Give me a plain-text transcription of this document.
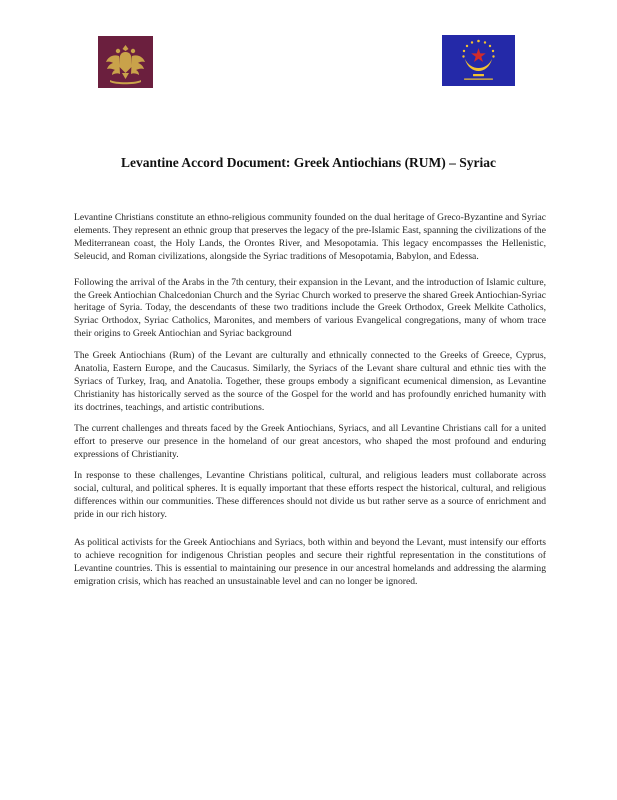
Levantine Accord Document: Greek Antiochians (RUM) – Syriac

Levantine Christians constitute an ethno-religious community founded on the dual heritage of Greco-Byzantine and Syriac elements. They represent an ethnic group that preserves the legacy of the pre-Islamic East, spanning the civilizations of the Mediterranean coast, the Holy Lands, the Orontes River, and Mesopotamia. This legacy encompasses the Hellenistic, Seleucid, and Roman civilizations, alongside the Syriac traditions of Mesopotamia, Babylon, and Edessa.

Following the arrival of the Arabs in the 7th century, their expansion in the Levant, and the introduction of Islamic culture, the Greek Antiochian Chalcedonian Church and the Syriac Church worked to preserve the shared Greek Antiochian-Syriac heritage of Syria. Today, the descendants of these two traditions include the Greek Orthodox, Greek Melkite Catholics, Syriac Orthodox, Syriac Catholics, Maronites, and members of various Evangelical congregations, many of whom trace their origins to Greek Antiochian and Syriac background

The Greek Antiochians (Rum) of the Levant are culturally and ethnically connected to the Greeks of Greece, Cyprus, Anatolia, Eastern Europe, and the Caucasus. Similarly, the Syriacs of the Levant share cultural and ethnic ties with the Syriacs of Turkey, Iraq, and Anatolia. Together, these groups embody a significant ecumenical dimension, as Levantine Christianity has historically served as the source of the Gospel for the world and has profoundly enriched humanity with its doctrines, teachings, and artistic contributions.

The current challenges and threats faced by the Greek Antiochians, Syriacs, and all Levantine Christians call for a united effort to preserve our presence in the homeland of our great ancestors, who shaped the most profound and enduring expressions of Christianity.

In response to these challenges, Levantine Christians political, cultural, and religious leaders must collaborate across social, cultural, and political spheres. It is equally important that these efforts respect the historical, cultural, and religious differences within our communities. These differences should not divide us but rather serve as a source of enrichment and pride in our rich history.

As political activists for the Greek Antiochians and Syriacs, both within and beyond the Levant, must intensify our efforts to achieve recognition for indigenous Christian peoples and secure their rightful representation in the constitutions of Levantine countries. This is essential to maintaining our presence in our ancestral homelands and addressing the alarming emigration crisis, which has reached an unsustainable level and can no longer be ignored.
